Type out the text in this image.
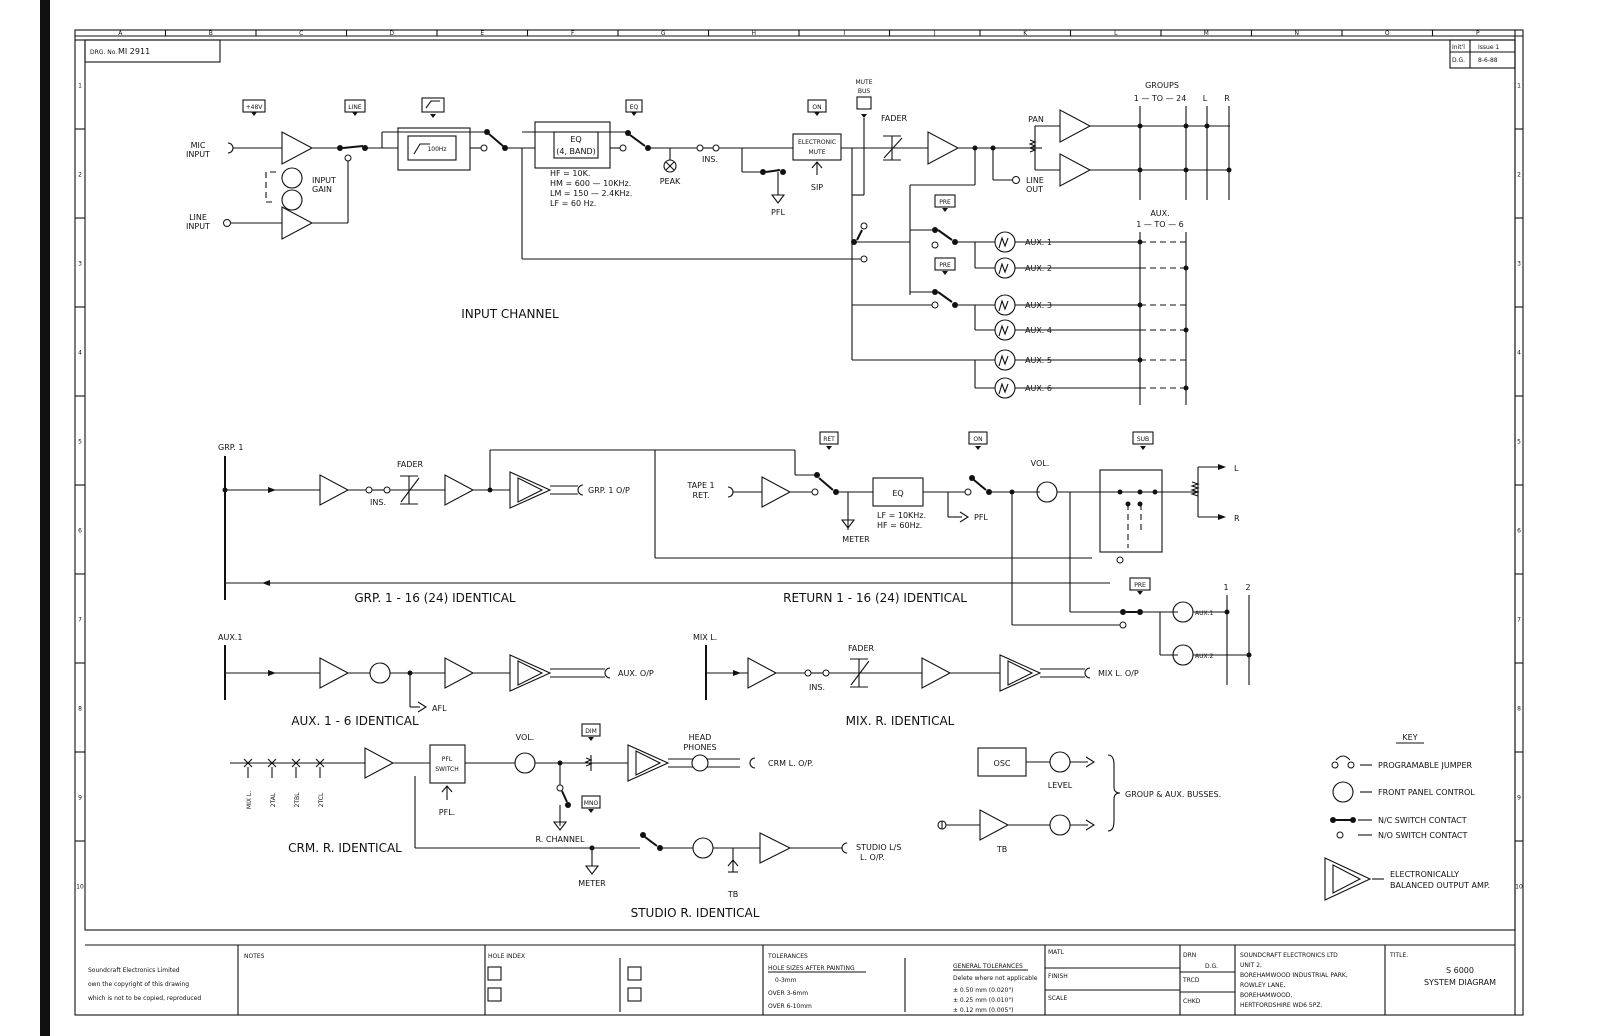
A	B	C	D	E	F	G	H	I	J	K	L	M	N	O	P
1	1
2	2
3	3
4	4
5	5
6	6
7	7
8	8
9	9
10	10
DRG. No. MI 2911	Init'l
D.G.
Issue 1
8-6-88
MIC
INPUT
+48V
INPUT
GAIN
LINE
INPUT
LINE
100Hz
EQ
(4, BAND)
HF = 10K.
HM = 600 — 10KHz.
LM = 150 — 2.4KHz.
LF = 60 Hz.
EQ
PEAK
INS.
PFL
ELECTRONIC
MUTE
ON
SIP
MUTE
BUS
FADER	PAN
LINE
OUT
GROUPS
1 — TO — 24 L R
PRE
PRE
AUX.
1 — TO — 6
AUX. 1
AUX. 2
AUX. 3
AUX. 4
AUX. 5
AUX. 6
INPUT CHANNEL
GRP. 1
INS.
FADER
GRP. 1 O/P
GRP. 1 - 16 (24) IDENTICAL
TAPE 1
RET.
RET
METER
EQ
LF = 10KHz.
HF = 60Hz.
PFL
ON
VOL.
SUB
L
R
PRE
AUX.1
AUX.2
1 2
RETURN 1 - 16 (24) IDENTICAL
AUX.1
AFL
AUX. O/P
AUX. 1 - 6 IDENTICAL
MIX L.
INS.
FADER
MIX L. O/P
MIX. R. IDENTICAL
MIX L.	2TAL	2TBL	2TCL
PFL
SWITCH
PFL.
VOL.
DIM
MNO
R. CHANNEL
HEAD
PHONES
CRM L. O/P.
CRM. R. IDENTICAL
METER
TB
STUDIO L/S
L. O/P.
STUDIO R. IDENTICAL
OSC
LEVEL
TB
GROUP & AUX. BUSSES.
KEY
PROGRAMABLE JUMPER
FRONT PANEL CONTROL
N/C SWITCH CONTACT
N/O SWITCH CONTACT
ELECTRONICALLY
BALANCED OUTPUT AMP.
Soundcraft Electronics Limited
own the copyright of this drawing
which is not to be copied, reproduced
NOTES	HOLE INDEX	TOLERANCES
HOLE SIZES AFTER PAINTING
0-3mm
OVER 3-6mm
OVER 6-10mm
GENERAL TOLERANCES
Delete where not applicable
± 0.50 mm (0.020")
± 0.25 mm (0.010")
± 0.12 mm (0.005")
MATL
FINISH
SCALE
DRN
D.G.
TRCD
CHKD
SOUNDCRAFT ELECTRONICS LTD
UNIT 2,
BOREHAMWOOD INDUSTRIAL PARK,
ROWLEY LANE,
BOREHAMWOOD,
HERTFORDSHIRE WD6 5PZ.
TITLE.
S 6000
SYSTEM DIAGRAM
